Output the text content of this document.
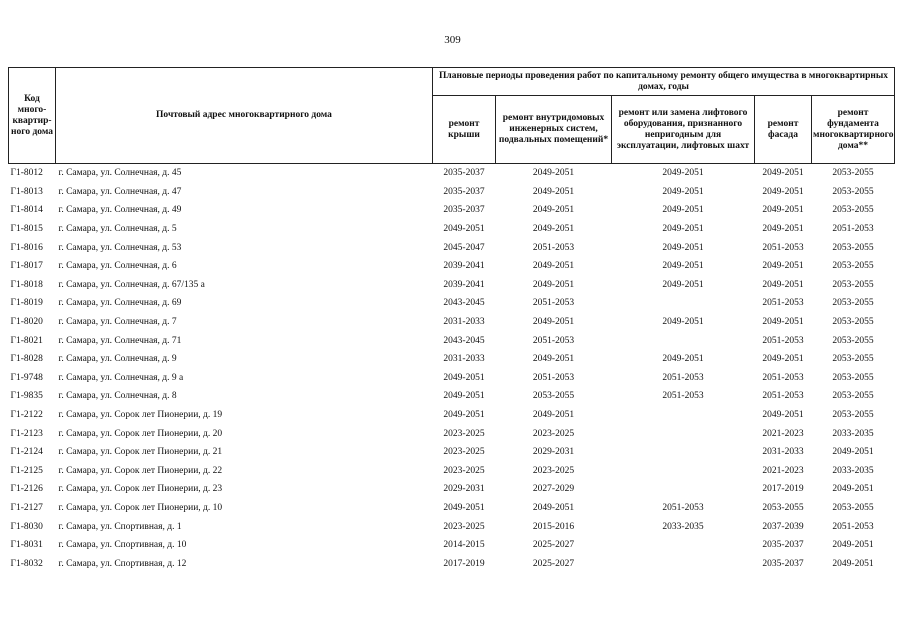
309
Код много-квартир-ного дома	Почтовый адрес многоквартирного дома	Плановые периоды проведения работ по капитальному ремонту общего имущества в многоквартирных домах, годы				
		ремонт крыши	ремонт внутридомовых инженерных систем, подвальных помещений*	ремонт или замена лифтового оборудования, признанного непригодным для эксплуатации, лифтовых шахт	ремонт фасада	ремонт фундамента многоквартирного дома**
Г1-8012	г. Самара, ул. Солнечная, д. 45	2035-2037	2049-2051	2049-2051	2049-2051	2053-2055
Г1-8013	г. Самара, ул. Солнечная, д. 47	2035-2037	2049-2051	2049-2051	2049-2051	2053-2055
Г1-8014	г. Самара, ул. Солнечная, д. 49	2035-2037	2049-2051	2049-2051	2049-2051	2053-2055
Г1-8015	г. Самара, ул. Солнечная, д. 5	2049-2051	2049-2051	2049-2051	2049-2051	2051-2053
Г1-8016	г. Самара, ул. Солнечная, д. 53	2045-2047	2051-2053	2049-2051	2051-2053	2053-2055
Г1-8017	г. Самара, ул. Солнечная, д. 6	2039-2041	2049-2051	2049-2051	2049-2051	2053-2055
Г1-8018	г. Самара, ул. Солнечная, д. 67/135 а	2039-2041	2049-2051	2049-2051	2049-2051	2053-2055
Г1-8019	г. Самара, ул. Солнечная, д. 69	2043-2045	2051-2053		2051-2053	2053-2055
Г1-8020	г. Самара, ул. Солнечная, д. 7	2031-2033	2049-2051	2049-2051	2049-2051	2053-2055
Г1-8021	г. Самара, ул. Солнечная, д. 71	2043-2045	2051-2053		2051-2053	2053-2055
Г1-8028	г. Самара, ул. Солнечная, д. 9	2031-2033	2049-2051	2049-2051	2049-2051	2053-2055
Г1-9748	г. Самара, ул. Солнечная, д. 9 а	2049-2051	2051-2053	2051-2053	2051-2053	2053-2055
Г1-9835	г. Самара, ул. Солнечная, д. 8	2049-2051	2053-2055	2051-2053	2051-2053	2053-2055
Г1-2122	г. Самара, ул. Сорок лет Пионерии, д. 19	2049-2051	2049-2051		2049-2051	2053-2055
Г1-2123	г. Самара, ул. Сорок лет Пионерии, д. 20	2023-2025	2023-2025		2021-2023	2033-2035
Г1-2124	г. Самара, ул. Сорок лет Пионерии, д. 21	2023-2025	2029-2031		2031-2033	2049-2051
Г1-2125	г. Самара, ул. Сорок лет Пионерии, д. 22	2023-2025	2023-2025		2021-2023	2033-2035
Г1-2126	г. Самара, ул. Сорок лет Пионерии, д. 23	2029-2031	2027-2029		2017-2019	2049-2051
Г1-2127	г. Самара, ул. Сорок лет Пионерии, д. 10	2049-2051	2049-2051	2051-2053	2053-2055	2053-2055
Г1-8030	г. Самара, ул. Спортивная, д. 1	2023-2025	2015-2016	2033-2035	2037-2039	2051-2053
Г1-8031	г. Самара, ул. Спортивная, д. 10	2014-2015	2025-2027		2035-2037	2049-2051
Г1-8032	г. Самара, ул. Спортивная, д. 12	2017-2019	2025-2027		2035-2037	2049-2051
